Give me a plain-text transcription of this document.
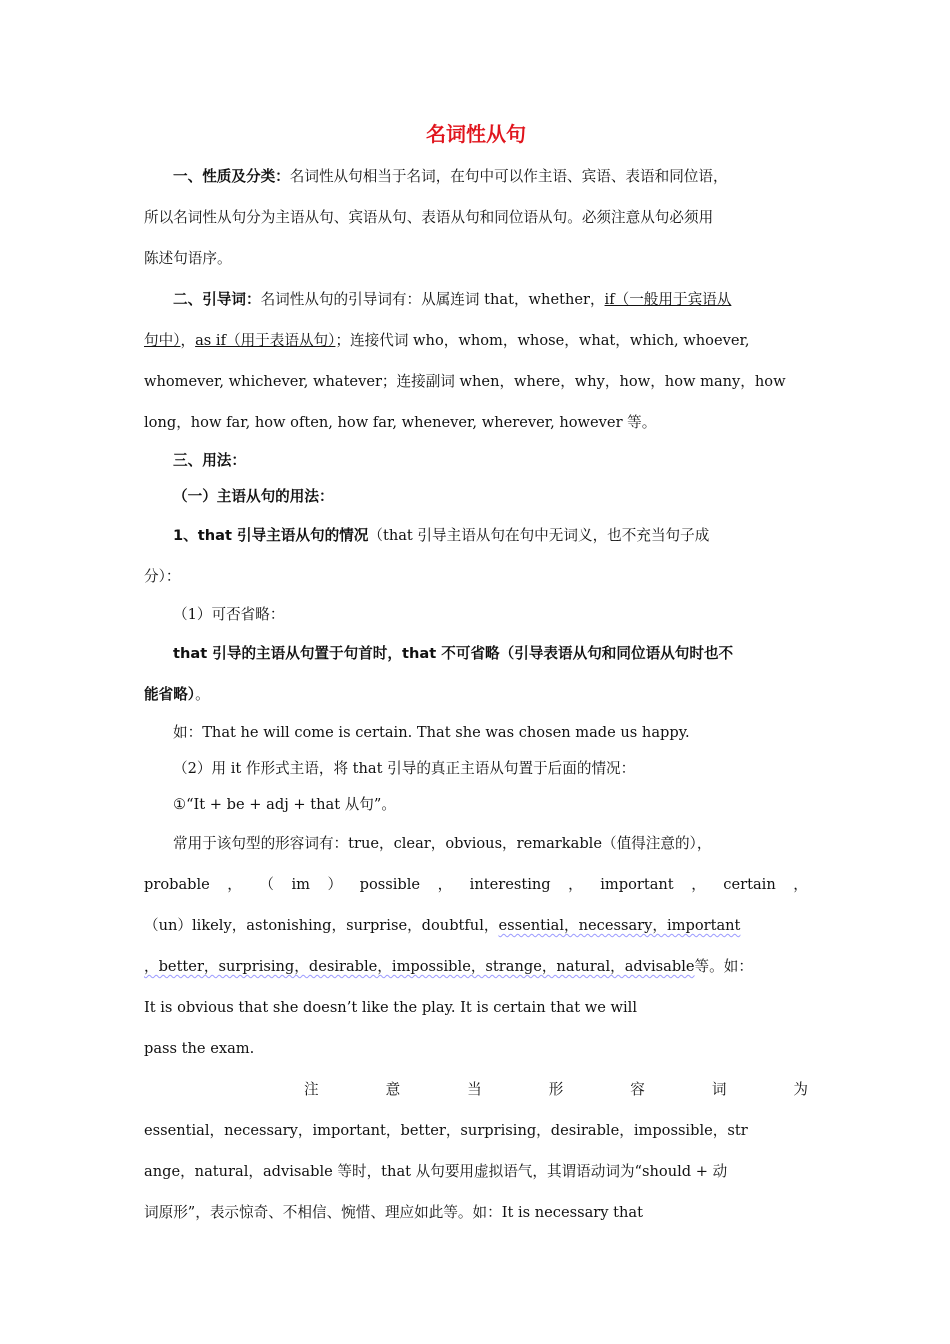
名词性从句

一、性质及分类：名词性从句相当于名词，在句中可以作主语、宾语、表语和同位语，

所以名词性从句分为主语从句、宾语从句、表语从句和同位语从句。必须注意从句必须用

陈述句语序。

二、引导词：名词性从句的引导词有：从属连词 that，whether，if（一般用于宾语从

句中），as if（用于表语从句）；连接代词 who，whom，whose，what，which, whoever,

whomever, whichever, whatever；连接副词 when，where，why，how，how many，how

long，how far, how often, how far, whenever, wherever, however 等。

三、用法：

（一）主语从句的用法：

1、that 引导主语从句的情况（that 引导主语从句在句中无词义，也不充当句子成

分）：

（1）可否省略：

that 引导的主语从句置于句首时，that 不可省略（引导表语从句和同位语从句时也不

能省略）。

如：That he will come is certain. That she was chosen made us happy.

（2）用 it 作形式主语，将 that 引导的真正主语从句置于后面的情况：

①“It + be + adj + that 从句”。

常用于该句型的形容词有：true，clear，obvious，remarkable（值得注意的），

probable ， （ im ） possible ， interesting ， important ， certain ，

（un）likely，astonishing，surprise，doubtful，essential，necessary，important

，better，surprising，desirable，impossible，strange，natural，advisable等。如：

It is obvious that she doesn’t like the play. It is certain that we will

pass the exam.

注	意	当	形	容	词	为

essential，necessary，important，better，surprising，desirable，impossible，str

ange，natural，advisable 等时，that 从句要用虚拟语气，其谓语动词为“should + 动

词原形”，表示惊奇、不相信、惋惜、理应如此等。如：It is necessary that
